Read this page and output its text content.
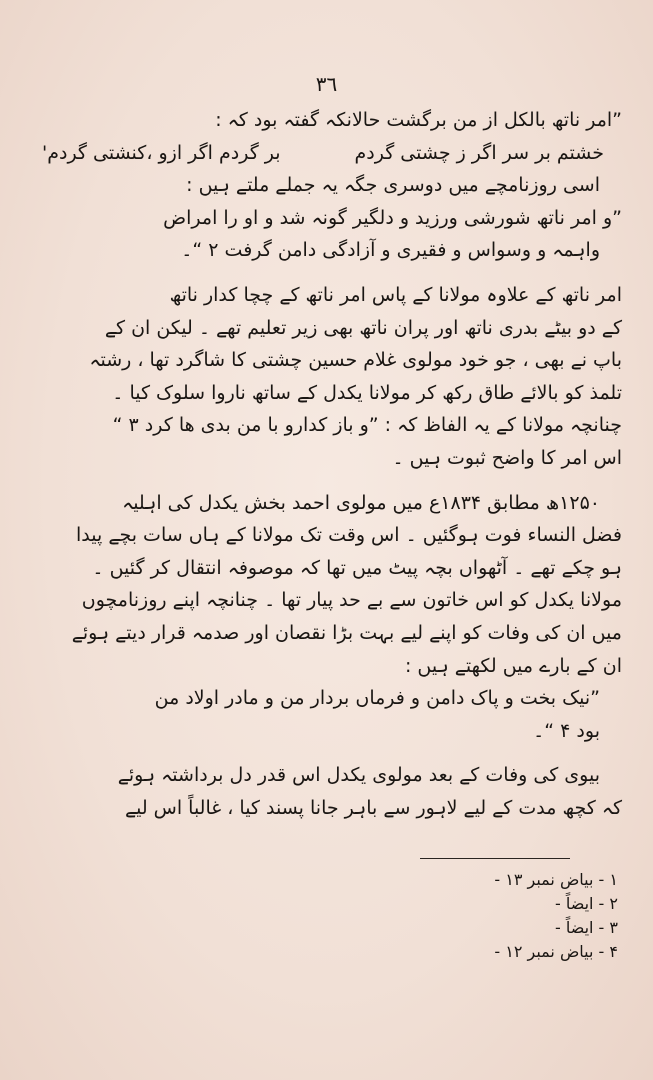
٣٦

”امر ناتھ بالکل از من برگشت حالانکہ گفتہ بود کہ :

خشتم بر سر اگر ز چشتی گردم
بر گردم اگر ازو ،کنشتی گردم'

اسی روزنامچے میں دوسری جگہ یہ جملے ملتے ہیں :

”و امر ناتھ شورشی ورزید و دلگیر گونہ شد و او را امراض

واہمہ و وسواس و فقیری و آزادگی دامن گرفت ۲ “۔

امر ناتھ کے علاوہ مولانا کے پاس امر ناتھ کے چچا کدار ناتھ

کے دو بیٹے بدری ناتھ اور پران ناتھ بھی زیر تعلیم تھے ۔ لیکن ان کے

باپ نے بھی ، جو خود مولوی غلام حسین چشتی کا شاگرد تھا ، رشتہ

تلمذ کو بالائے طاق رکھ کر مولانا یکدل کے ساتھ ناروا سلوک کیا ۔

چنانچہ مولانا کے یہ الفاظ کہ : ”و باز کدارو با من بدی ھا کرد ۳ “

اس امر کا واضح ثبوت ہیں ۔

۱۲۵۰ھ مطابق ۱۸۳۴ع میں مولوی احمد بخش یکدل کی اہلیہ

فضل النساء فوت ہوگئیں ۔ اس وقت تک مولانا کے ہاں سات بچے پیدا

ہو چکے تھے ۔ آٹھواں بچہ پیٹ میں تھا کہ موصوفہ انتقال کر گئیں ۔

مولانا یکدل کو اس خاتون سے بے حد پیار تھا ۔ چنانچہ اپنے روزنامچوں

میں ان کی وفات کو اپنے لیے بہت بڑا نقصان اور صدمہ قرار دیتے ہوئے

ان کے بارے میں لکھتے ہیں :

”نیک بخت و پاک دامن و فرماں بردار من و مادر اولاد من

بود ۴ “۔

بیوی کی وفات کے بعد مولوی یکدل اس قدر دل برداشتہ ہوئے

کہ کچھ مدت کے لیے لاہور سے باہر جانا پسند کیا ، غالباً اس لیے

۱ - بیاض نمبر ۱۳ -
۲ - ایضاً -
۳ - ایضاً -
۴ - بیاض نمبر ۱۲ -
